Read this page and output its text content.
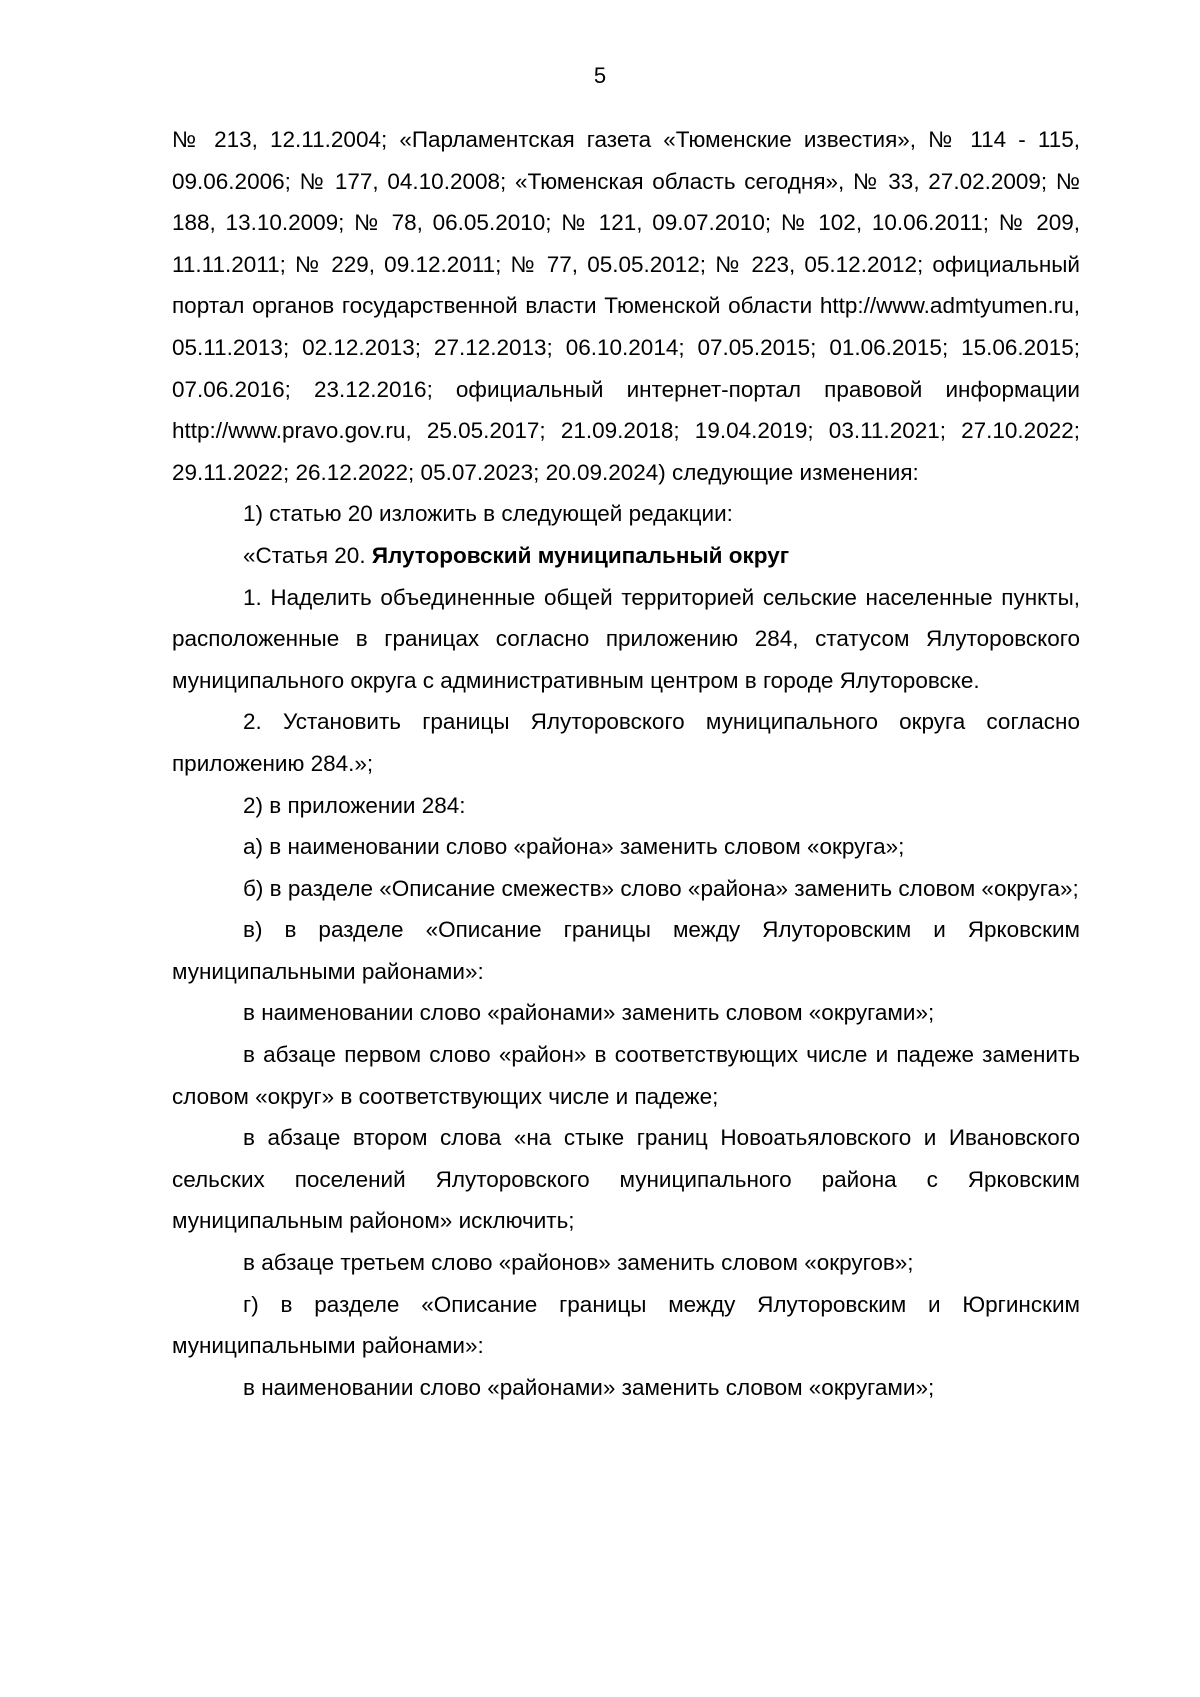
5

№ 213, 12.11.2004; «Парламентская газета «Тюменские известия», № 114 - 115, 09.06.2006; № 177, 04.10.2008; «Тюменская область сегодня», № 33, 27.02.2009; № 188, 13.10.2009; № 78, 06.05.2010; № 121, 09.07.2010; № 102, 10.06.2011; № 209, 11.11.2011; № 229, 09.12.2011; № 77, 05.05.2012; № 223, 05.12.2012; официальный портал органов государственной власти Тюменской области http://www.admtyumen.ru, 05.11.2013; 02.12.2013; 27.12.2013; 06.10.2014; 07.05.2015; 01.06.2015; 15.06.2015; 07.06.2016; 23.12.2016; официальный интернет-портал правовой информации http://www.pravo.gov.ru, 25.05.2017; 21.09.2018; 19.04.2019; 03.11.2021; 27.10.2022; 29.11.2022; 26.12.2022; 05.07.2023; 20.09.2024) следующие изменения:

1) статью 20 изложить в следующей редакции:

«Статья 20. Ялуторовский муниципальный округ

1. Наделить объединенные общей территорией сельские населенные пункты, расположенные в границах согласно приложению 284, статусом Ялуторовского муниципального округа с административным центром в городе Ялуторовске.

2. Установить границы Ялуторовского муниципального округа согласно приложению 284.»;

2) в приложении 284:

а) в наименовании слово «района» заменить словом «округа»;

б) в разделе «Описание смежеств» слово «района» заменить словом «округа»;

в) в разделе «Описание границы между Ялуторовским и Ярковским муниципальными районами»:

в наименовании слово «районами» заменить словом «округами»;

в абзаце первом слово «район» в соответствующих числе и падеже заменить словом «округ» в соответствующих числе и падеже;

в абзаце втором слова «на стыке границ Новоатьяловского и Ивановского сельских поселений Ялуторовского муниципального района с Ярковским муниципальным районом» исключить;

в абзаце третьем слово «районов» заменить словом «округов»;

г) в разделе «Описание границы между Ялуторовским и Юргинским муниципальными районами»:

в наименовании слово «районами» заменить словом «округами»;
